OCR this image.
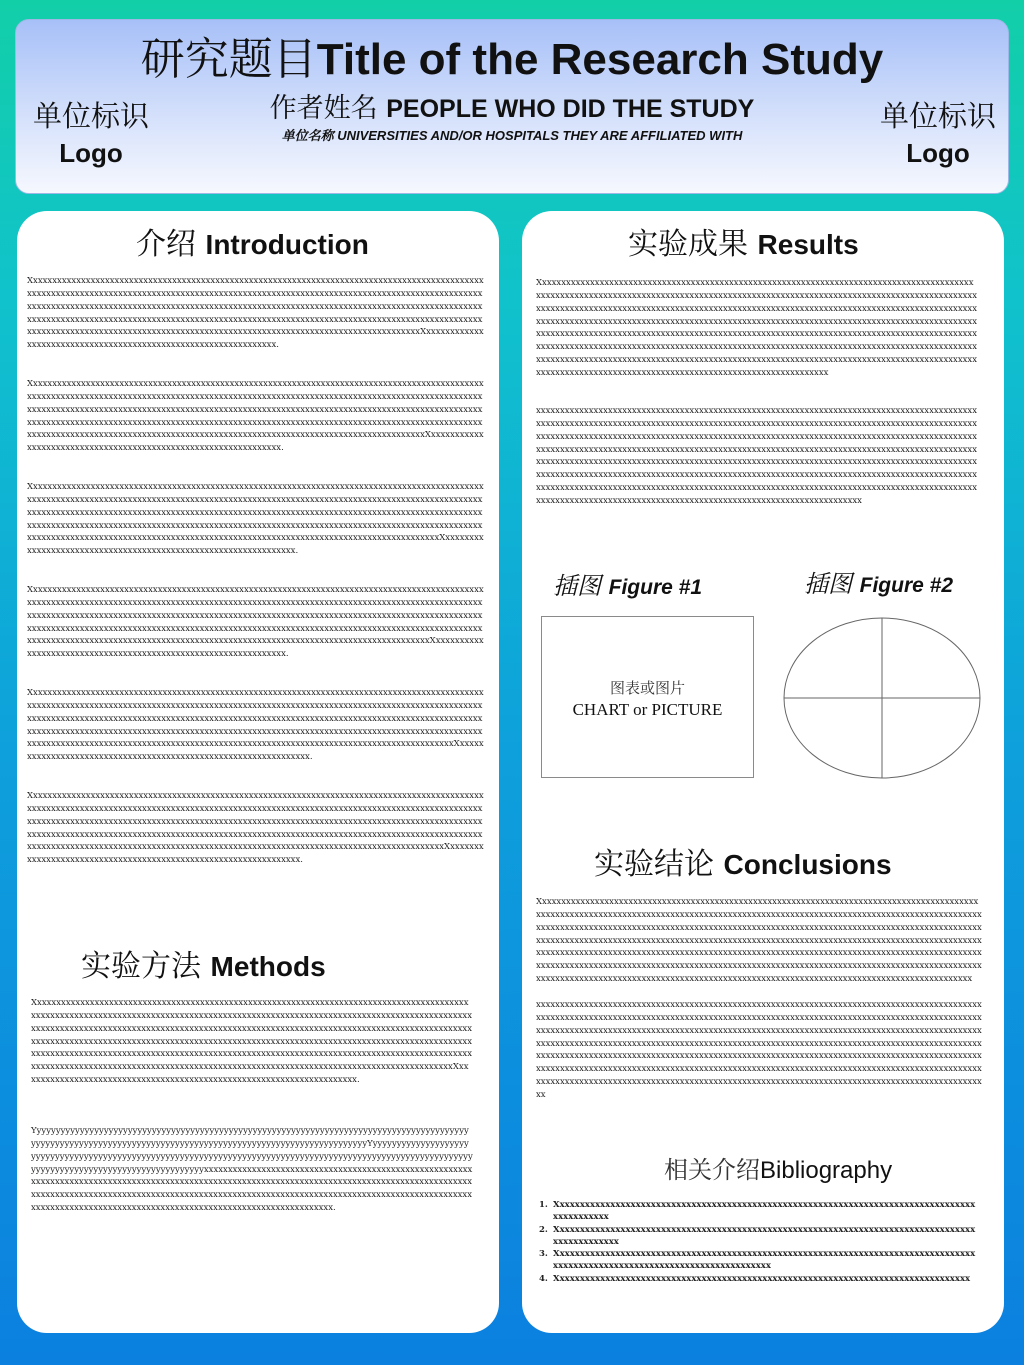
单位标识
Logo
研究题目Title of the Research Study
作者姓名 PEOPLE WHO DID THE STUDY
单位名称 UNIVERSITIES AND/OR HOSPITALS THEY ARE AFFILIATED WITH
单位标识
Logo
介绍 Introduction

XxxxxxxxxxxxxxxxxxxxxxxxxxxxxxxxxxxxxxxxxxxxxxxxxxxxxxxxxxxxxxxxxxxxxxxxxxxxxxxxxxxxxxxxxxxxxxxxxxxxxxxxxxxxxxxxxxxxxxxxxxxxxxxxxxxxxxxxxxxxxxxxxxxxxxxxxxxxxxxxxxxxxxxxxxxxxxxxxxxxxxxxxxxxxxxxxxxxxxxxxxxxxxxxxxxxxxxxxxxxxxxxxxxxxxxxxxxxxxxxxxxxxxxxxxxxxxxxxxxxxxxxxxxxxxxxxxxxxxxxxxxxxxxxxxxxxxxxxxxxxxxxxxxxxxxxxxxxxxxxxxxxxxxxxxxxxxxxxxxxxxxxxxxxxxxxxxxxxxxxxxxxxxxxxxxxxxxxxxxxxxxxxxxxxxxxxxxxxxxxxxxxxxxxxxxxxxxxxxxxxxxxxxxxxxxxxxxxxxxxxxxxxxxxxxxxxxxxxxxxxxXxxxxxxxxxxxxxxxxxxxxxxxxxxxxxxxxxxxxxxxxxxxxxxxxxxxxxxxxxxxxxxxx.

XxxxxxxxxxxxxxxxxxxxxxxxxxxxxxxxxxxxxxxxxxxxxxxxxxxxxxxxxxxxxxxxxxxxxxxxxxxxxxxxxxxxxxxxxxxxxxxxxxxxxxxxxxxxxxxxxxxxxxxxxxxxxxxxxxxxxxxxxxxxxxxxxxxxxxxxxxxxxxxxxxxxxxxxxxxxxxxxxxxxxxxxxxxxxxxxxxxxxxxxxxxxxxxxxxxxxxxxxxxxxxxxxxxxxxxxxxxxxxxxxxxxxxxxxxxxxxxxxxxxxxxxxxxxxxxxxxxxxxxxxxxxxxxxxxxxxxxxxxxxxxxxxxxxxxxxxxxxxxxxxxxxxxxxxxxxxxxxxxxxxxxxxxxxxxxxxxxxxxxxxxxxxxxxxxxxxxxxxxxxxxxxxxxxxxxxxxxxxxxxxxxxxxxxxxxxxxxxxxxxxxxxxxxxxxxxxxxxxxxxxxxxxxxxxxxxxxxxxxxxxxxXxxxxxxxxxxxxxxxxxxxxxxxxxxxxxxxxxxxxxxxxxxxxxxxxxxxxxxxxxxxxxxxx.

XxxxxxxxxxxxxxxxxxxxxxxxxxxxxxxxxxxxxxxxxxxxxxxxxxxxxxxxxxxxxxxxxxxxxxxxxxxxxxxxxxxxxxxxxxxxxxxxxxxxxxxxxxxxxxxxxxxxxxxxxxxxxxxxxxxxxxxxxxxxxxxxxxxxxxxxxxxxxxxxxxxxxxxxxxxxxxxxxxxxxxxxxxxxxxxxxxxxxxxxxxxxxxxxxxxxxxxxxxxxxxxxxxxxxxxxxxxxxxxxxxxxxxxxxxxxxxxxxxxxxxxxxxxxxxxxxxxxxxxxxxxxxxxxxxxxxxxxxxxxxxxxxxxxxxxxxxxxxxxxxxxxxxxxxxxxxxxxxxxxxxxxxxxxxxxxxxxxxxxxxxxxxxxxxxxxxxxxxxxxxxxxxxxxxxxxxxxxxxxxxxxxxxxxxxxxxxxxxxxxxxxxxxxxxxxxxxxxxxxxxxxxxxxxxxxxxxxxxxxxxxxxxxXxxxxxxxxxxxxxxxxxxxxxxxxxxxxxxxxxxxxxxxxxxxxxxxxxxxxxxxxxxxxxxxx.

XxxxxxxxxxxxxxxxxxxxxxxxxxxxxxxxxxxxxxxxxxxxxxxxxxxxxxxxxxxxxxxxxxxxxxxxxxxxxxxxxxxxxxxxxxxxxxxxxxxxxxxxxxxxxxxxxxxxxxxxxxxxxxxxxxxxxxxxxxxxxxxxxxxxxxxxxxxxxxxxxxxxxxxxxxxxxxxxxxxxxxxxxxxxxxxxxxxxxxxxxxxxxxxxxxxxxxxxxxxxxxxxxxxxxxxxxxxxxxxxxxxxxxxxxxxxxxxxxxxxxxxxxxxxxxxxxxxxxxxxxxxxxxxxxxxxxxxxxxxxxxxxxxxxxxxxxxxxxxxxxxxxxxxxxxxxxxxxxxxxxxxxxxxxxxxxxxxxxxxxxxxxxxxxxxxxxxxxxxxxxxxxxxxxxxxxxxxxxxxxxxxxxxxxxxxxxxxxxxxxxxxxxxxxxxxxxxxxxxxxxxxxxxxxxxxxxxxxxxxxxxxxXxxxxxxxxxxxxxxxxxxxxxxxxxxxxxxxxxxxxxxxxxxxxxxxxxxxxxxxxxxxxxxxx.

XxxxxxxxxxxxxxxxxxxxxxxxxxxxxxxxxxxxxxxxxxxxxxxxxxxxxxxxxxxxxxxxxxxxxxxxxxxxxxxxxxxxxxxxxxxxxxxxxxxxxxxxxxxxxxxxxxxxxxxxxxxxxxxxxxxxxxxxxxxxxxxxxxxxxxxxxxxxxxxxxxxxxxxxxxxxxxxxxxxxxxxxxxxxxxxxxxxxxxxxxxxxxxxxxxxxxxxxxxxxxxxxxxxxxxxxxxxxxxxxxxxxxxxxxxxxxxxxxxxxxxxxxxxxxxxxxxxxxxxxxxxxxxxxxxxxxxxxxxxxxxxxxxxxxxxxxxxxxxxxxxxxxxxxxxxxxxxxxxxxxxxxxxxxxxxxxxxxxxxxxxxxxxxxxxxxxxxxxxxxxxxxxxxxxxxxxxxxxxxxxxxxxxxxxxxxxxxxxxxxxxxxxxxxxxxxxxxxxxxxxxxxxxxxxxxxxxxxxxxxxxxxxxxxxXxxxxxxxxxxxxxxxxxxxxxxxxxxxxxxxxxxxxxxxxxxxxxxxxxxxxxxxxxxxxxxxx.

XxxxxxxxxxxxxxxxxxxxxxxxxxxxxxxxxxxxxxxxxxxxxxxxxxxxxxxxxxxxxxxxxxxxxxxxxxxxxxxxxxxxxxxxxxxxxxxxxxxxxxxxxxxxxxxxxxxxxxxxxxxxxxxxxxxxxxxxxxxxxxxxxxxxxxxxxxxxxxxxxxxxxxxxxxxxxxxxxxxxxxxxxxxxxxxxxxxxxxxxxxxxxxxxxxxxxxxxxxxxxxxxxxxxxxxxxxxxxxxxxxxxxxxxxxxxxxxxxxxxxxxxxxxxxxxxxxxxxxxxxxxxxxxxxxxxxxxxxxxxxxxxxxxxxxxxxxxxxxxxxxxxxxxxxxxxxxxxxxxxxxxxxxxxxxxxxxxxxxxxxxxxxxxxxxxxxxxxxxxxxxxxxxxxxxxxxxxxxxxxxxxxxxxxxxxxxxxxxxxxxxxxxxxxxxxxxxxxxxxxxxxxxxxxxxxxxxxxxxxxxxxxxxxXxxxxxxxxxxxxxxxxxxxxxxxxxxxxxxxxxxxxxxxxxxxxxxxxxxxxxxxxxxxxxxxx.

实验方法 Methods

XxxxxxxxxxxxxxxxxxxxxxxxxxxxxxxxxxxxxxxxxxxxxxxxxxxxxxxxxxxxxxxxxxxxxxxxxxxxxxxxxxxxxxxxxxxxxxxxxxxxxxxxxxxxxxxxxxxxxxxxxxxxxxxxxxxxxxxxxxxxxxxxxxxxxxxxxxxxxxxxxxxxxxxxxxxxxxxxxxxxxxxxxxxxxxxxxxxxxxxxxxxxxxxxxxxxxxxxxxxxxxxxxxxxxxxxxxxxxxxxxxxxxxxxxxxxxxxxxxxxxxxxxxxxxxxxxxxxxxxxxxxxxxxxxxxxxxxxxxxxxxxxxxxxxxxxxxxxxxxxxxxxxxxxxxxxxxxxxxxxxxxxxxxxxxxxxxxxxxxxxxxxxxxxxxxxxxxxxxxxxxxxxxxxxxxxxxxxxxxxxxxxxxxxxxxxxxxxxxxxxxxxxxxxxxxxxxxxxxxxxxxxxxxxxxxxxxxxxxxxxxxxxxxxxxxxxxxxxxxxxxxxxxxxxxxxxxxxxxxxxxxxxxxxxxxxxxxxxxxxxxxxxxxxxxxxxxxxxxxxxxxxxxxXxxxxxxxxxxxxxxxxxxxxxxxxxxxxxxxxxxxxxxxxxxxxxxxxxxxxxxxxxxxxxxxxxxxxxx.

YyyyyyyyyyyyyyyyyyyyyyyyyyyyyyyyyyyyyyyyyyyyyyyyyyyyyyyyyyyyyyyyyyyyyyyyyyyyyyyyyyyyyyyyyyyyyyyyyyyyyyyyyyyyyyyyyyyyyyyyyyyyyyyyyyyyyyyyyyyyyyyyyyyyyyyyyyyyyyyyyYyyyyyyyyyyyyyyyyyyyyyyyyyyyyyyyyyyyyyyyyyyyyyyyyyyyyyyyyyyyyyyyyyyyyyyyyyyyyyyyyyyyyyyyyyyyyyyyyyyyyyyyyyyyyyyyyyyyyyyyyyyyyyyyyyyyyyyyyyyyyyyyyyyyyxxxxxxxxxxxxxxxxxxxxxxxxxxxxxxxxxxxxxxxxxxxxxxxxxxxxxxxxxxxxxxxxxxxxxxxxxxxxxxxxxxxxxxxxxxxxxxxxxxxxxxxxxxxxxxxxxxxxxxxxxxxxxxxxxxxxxxxxxxxxxxxxxxxxxxxxxxxxxxxxxxxxxxxxxxxxxxxxxxxxxxxxxxxxxxxxxxxxxxxxxxxxxxxxxxxxxxxxxxxxxxxxxxxxxxxxxxxxxxxxxxxxxxxxxxxxxxxxxxxxxxxxxxxxxxxxxxxxxxxxxxxxxxxxxxxxxxxxxxxxxxx.

实验成果 Results

Xxxxxxxxxxxxxxxxxxxxxxxxxxxxxxxxxxxxxxxxxxxxxxxxxxxxxxxxxxxxxxxxxxxxxxxxxxxxxxxxxxxxxxxxxxxxxxxxxxxxxxxxxxxxxxxxxxxxxxxxxxxxxxxxxxxxxxxxxxxxxxxxxxxxxxxxxxxxxxxxxxxxxxxxxxxxxxxxxxxxxxxxxxxxxxxxxxxxxxxxxxxxxxxxxxxxxxxxxxxxxxxxxxxxxxxxxxxxxxxxxxxxxxxxxxxxxxxxxxxxxxxxxxxxxxxxxxxxxxxxxxxxxxxxxxxxxxxxxxxxxxxxxxxxxxxxxxxxxxxxxxxxxxxxxxxxxxxxxxxxxxxxxxxxxxxxxxxxxxxxxxxxxxxxxxxxxxxxxxxxxxxxxxxxxxxxxxxxxxxxxxxxxxxxxxxxxxxxxxxxxxxxxxxxxxxxxxxxxxxxxxxxxxxxxxxxxxxxxxxxxxxxxxxxxxxxxxxxxxxxxxxxxxxxxxxxxxxxxxxxxxxxxxxxxxxxxxxxxxxxxxxxxxxxxxxxxxxxxxxxxxxxxxxxxxxxxxxxxxxxxxxxxxxxxxxxxxxxxxxxxxxxxxxxxxxxxxxxxxxxxxxxxxxxxxxxxxxxxxxxxxxxxxxxxxxxxxxxxxxxxxxxxxxxxxxxxxxxxxxxxxxxxxxxxxxxxxxxxxxxxxxxxxxxxxxxxxxxxxxxxxxx

xxxxxxxxxxxxxxxxxxxxxxxxxxxxxxxxxxxxxxxxxxxxxxxxxxxxxxxxxxxxxxxxxxxxxxxxxxxxxxxxxxxxxxxxxxxxxxxxxxxxxxxxxxxxxxxxxxxxxxxxxxxxxxxxxxxxxxxxxxxxxxxxxxxxxxxxxxxxxxxxxxxxxxxxxxxxxxxxxxxxxxxxxxxxxxxxxxxxxxxxxxxxxxxxxxxxxxxxxxxxxxxxxxxxxxxxxxxxxxxxxxxxxxxxxxxxxxxxxxxxxxxxxxxxxxxxxxxxxxxxxxxxxxxxxxxxxxxxxxxxxxxxxxxxxxxxxxxxxxxxxxxxxxxxxxxxxxxxxxxxxxxxxxxxxxxxxxxxxxxxxxxxxxxxxxxxxxxxxxxxxxxxxxxxxxxxxxxxxxxxxxxxxxxxxxxxxxxxxxxxxxxxxxxxxxxxxxxxxxxxxxxxxxxxxxxxxxxxxxxxxxxxxxxxxxxxxxxxxxxxxxxxxxxxxxxxxxxxxxxxxxxxxxxxxxxxxxxxxxxxxxxxxxxxxxxxxxxxxxxxxxxxxxxxxxxxxxxxxxxxxxxxxxxxxxxxxxxxxxxxxxxxxxxxxxxxxxxxxxxxxxxxxxxxxxxxxxxxxxxxxxxxxxxxxxxxxxxxxxxxxxxxxxxxxxxxxxxxxxxxxxxxxxxxxxxxxxxxxxxxxxxxxxxxxxxxxxxxxxxxxxxxxxxxxxxx

插图 Figure #1	插图 Figure #2
图表或图片
CHART or PICTURE
实验结论 Conclusions

Xxxxxxxxxxxxxxxxxxxxxxxxxxxxxxxxxxxxxxxxxxxxxxxxxxxxxxxxxxxxxxxxxxxxxxxxxxxxxxxxxxxxxxxxxxxxxxxxxxxxxxxxxxxxxxxxxxxxxxxxxxxxxxxxxxxxxxxxxxxxxxxxxxxxxxxxxxxxxxxxxxxxxxxxxxxxxxxxxxxxxxxxxxxxxxxxxxxxxxxxxxxxxxxxxxxxxxxxxxxxxxxxxxxxxxxxxxxxxxxxxxxxxxxxxxxxxxxxxxxxxxxxxxxxxxxxxxxxxxxxxxxxxxxxxxxxxxxxxxxxxxxxxxxxxxxxxxxxxxxxxxxxxxxxxxxxxxxxxxxxxxxxxxxxxxxxxxxxxxxxxxxxxxxxxxxxxxxxxxxxxxxxxxxxxxxxxxxxxxxxxxxxxxxxxxxxxxxxxxxxxxxxxxxxxxxxxxxxxxxxxxxxxxxxxxxxxxxxxxxxxxxxxxxxxxxxxxxxxxxxxxxxxxxxxxxxxxxxxxxxxxxxxxxxxxxxxxxxxxxxxxxxxxxxxxxxxxxxxxxxxxxxxxxxxxxxxxxxxxxxxxxxxxxxxxxxxxxxxxxxxxxxxxxxxxxxxxxxxxxxxxxxxxxxxxxxxxxxxxxxxxxxxxxxxxxxxxxxxxxxxxxxxxxx

xxxxxxxxxxxxxxxxxxxxxxxxxxxxxxxxxxxxxxxxxxxxxxxxxxxxxxxxxxxxxxxxxxxxxxxxxxxxxxxxxxxxxxxxxxxxxxxxxxxxxxxxxxxxxxxxxxxxxxxxxxxxxxxxxxxxxxxxxxxxxxxxxxxxxxxxxxxxxxxxxxxxxxxxxxxxxxxxxxxxxxxxxxxxxxxxxxxxxxxxxxxxxxxxxxxxxxxxxxxxxxxxxxxxxxxxxxxxxxxxxxxxxxxxxxxxxxxxxxxxxxxxxxxxxxxxxxxxxxxxxxxxxxxxxxxxxxxxxxxxxxxxxxxxxxxxxxxxxxxxxxxxxxxxxxxxxxxxxxxxxxxxxxxxxxxxxxxxxxxxxxxxxxxxxxxxxxxxxxxxxxxxxxxxxxxxxxxxxxxxxxxxxxxxxxxxxxxxxxxxxxxxxxxxxxxxxxxxxxxxxxxxxxxxxxxxxxxxxxxxxxxxxxxxxxxxxxxxxxxxxxxxxxxxxxxxxxxxxxxxxxxxxxxxxxxxxxxxxxxxxxxxxxxxxxxxxxxxxxxxxxxxxxxxxxxxxxxxxxxxxxxxxxxxxxxxxxxxxxxxxxxxxxxxxxxxxxxxxxxxxxxxxxxxxxxxxxxxxxxxxxxxxxxxxxxxxxxxxxxxxxxxxxxxxxxxx

相关介绍Bibliography
1. Xxxxxxxxxxxxxxxxxxxxxxxxxxxxxxxxxxxxxxxxxxxxxxxxxxxxxxxxxxxxxxxxxxxxxxxxxxxxxxxxxxxxxxxxxxxxxx
2. Xxxxxxxxxxxxxxxxxxxxxxxxxxxxxxxxxxxxxxxxxxxxxxxxxxxxxxxxxxxxxxxxxxxxxxxxxxxxxxxxxxxxxxxxxxxxxxxx
3. Xxxxxxxxxxxxxxxxxxxxxxxxxxxxxxxxxxxxxxxxxxxxxxxxxxxxxxxxxxxxxxxxxxxxxxxxxxxxxxxxxxxxxxxxxxxxxxxxxxxxxxxxxxxxxxxxxxxxxxxxxxxxxx
4. Xxxxxxxxxxxxxxxxxxxxxxxxxxxxxxxxxxxxxxxxxxxxxxxxxxxxxxxxxxxxxxxxxxxxxxxxxxxxxxxxxx
